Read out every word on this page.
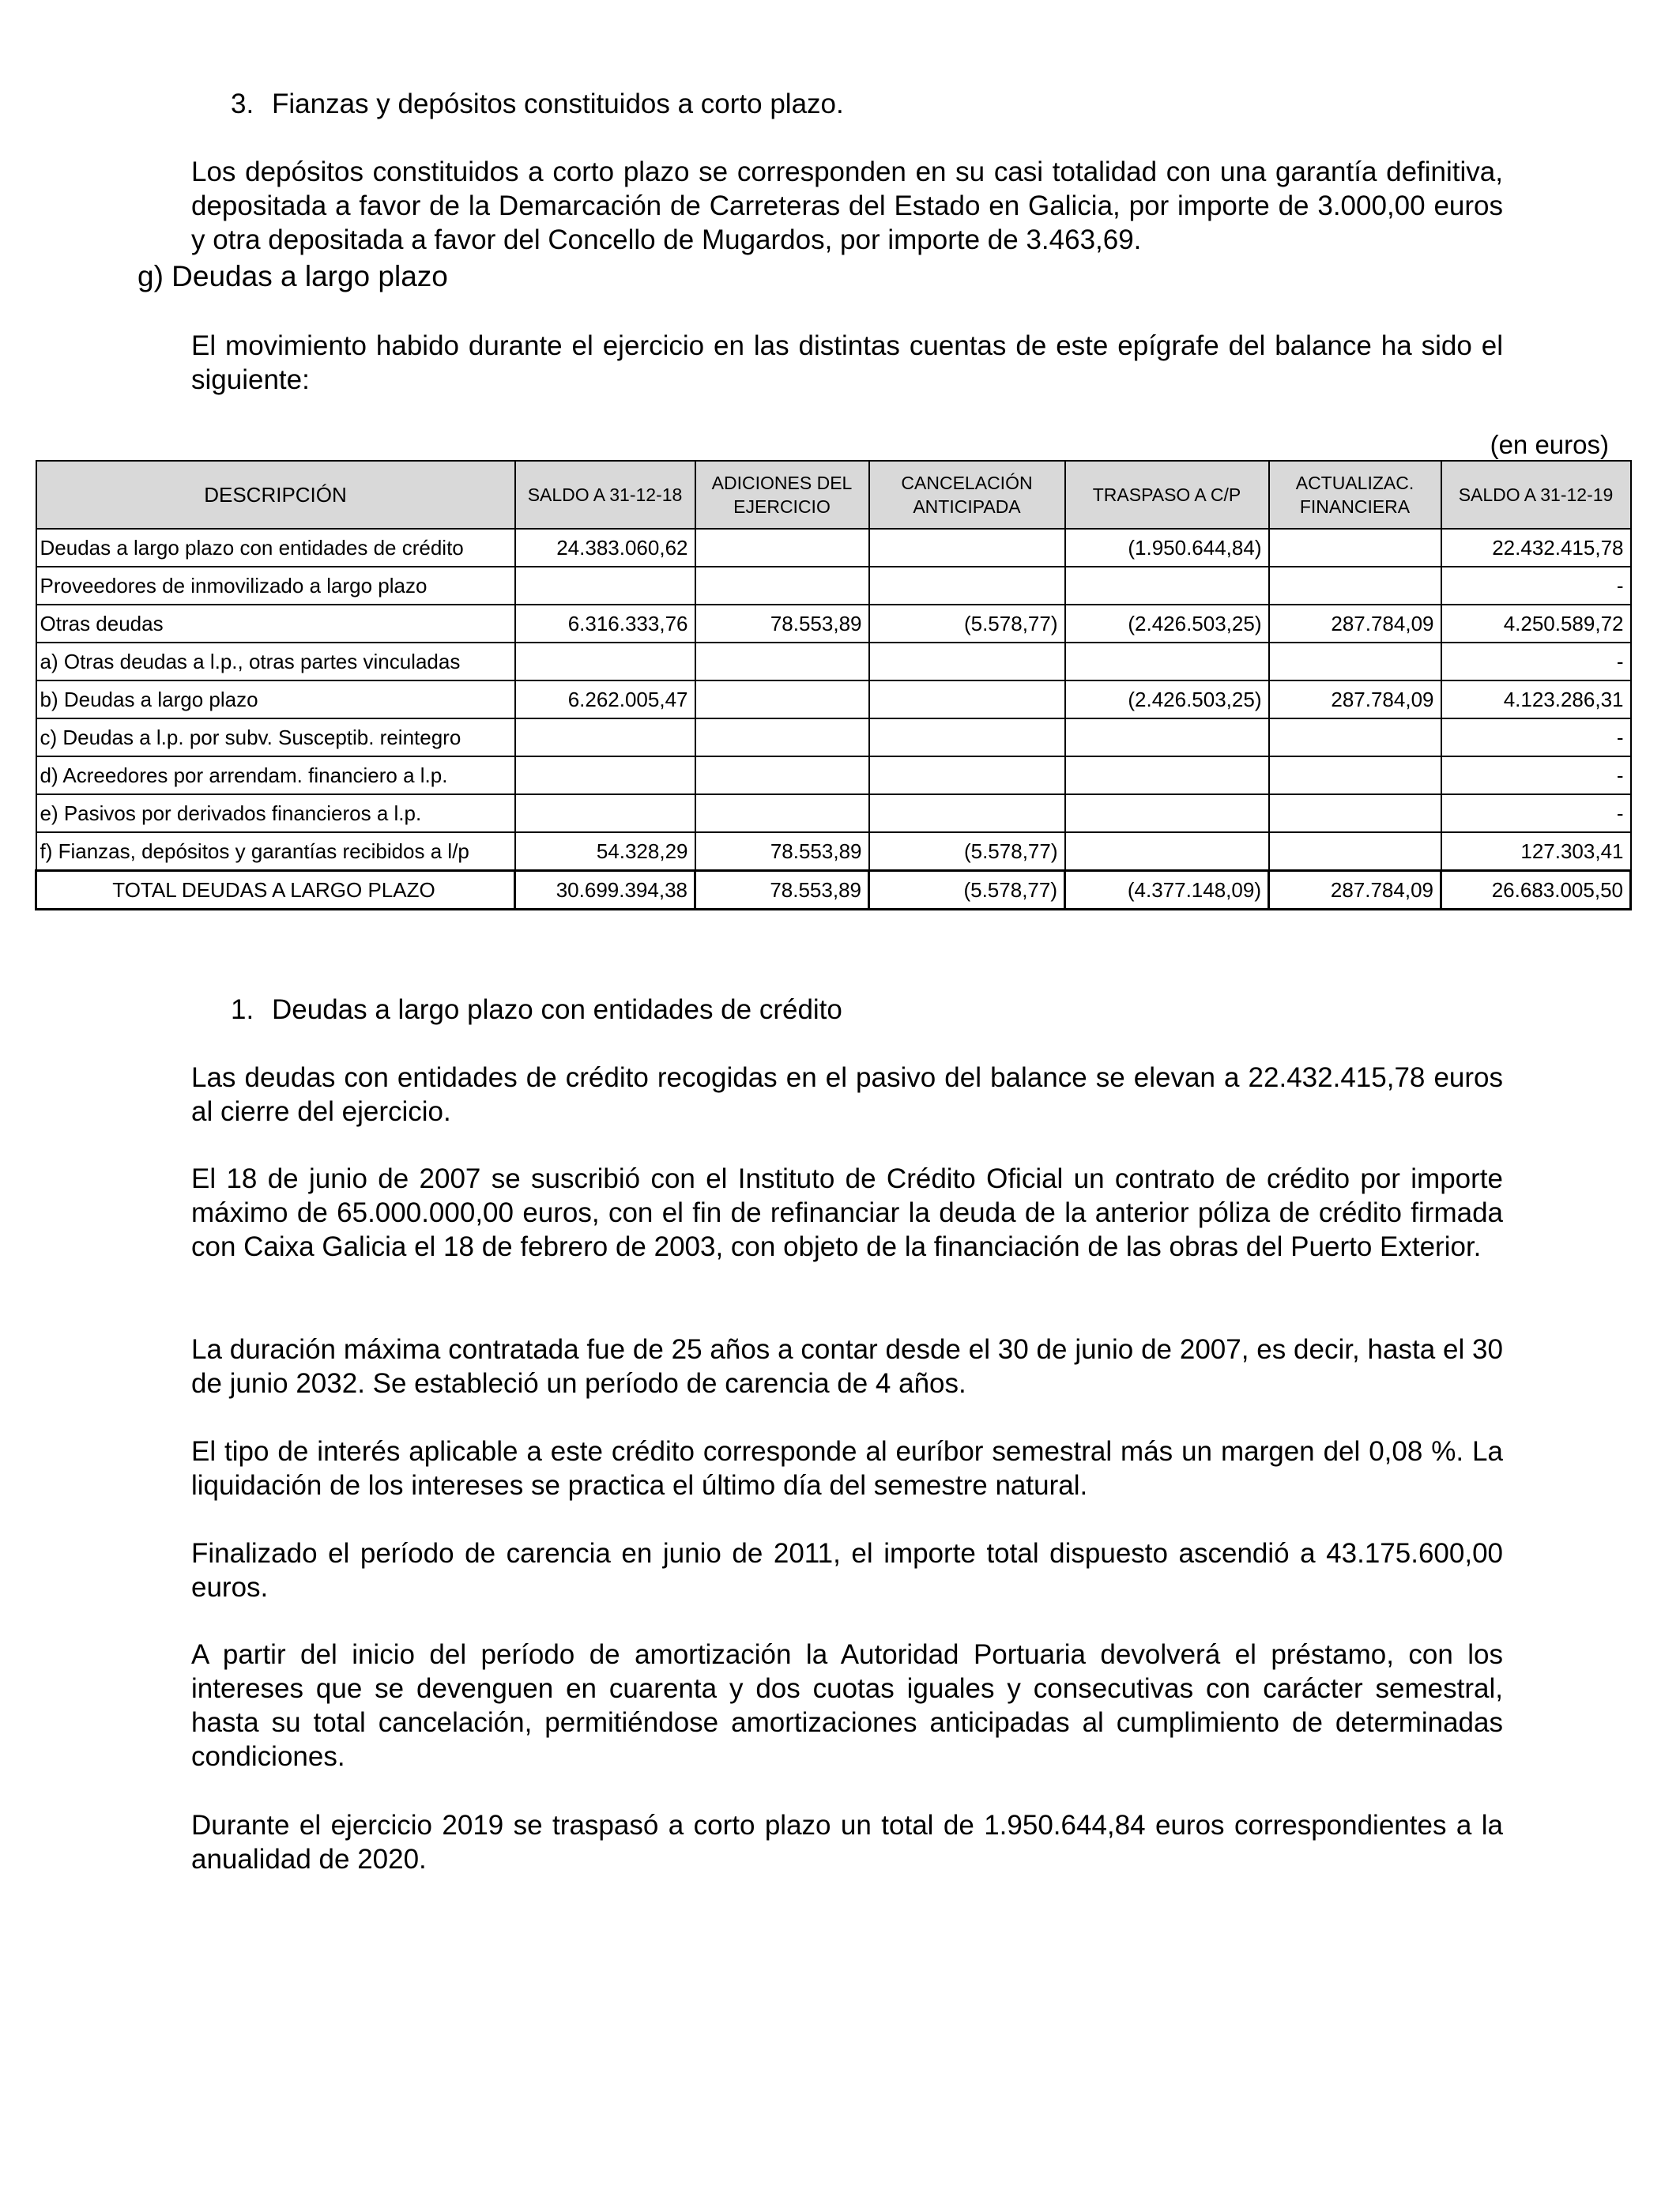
3. Fianzas y depósitos constituidos a corto plazo.

Los depósitos constituidos a corto plazo se corresponden en su casi totalidad con una garantía definitiva, depositada a favor de la Demarcación de Carreteras del Estado en Galicia, por importe de 3.000,00 euros y otra depositada a favor del Concello de Mugardos, por importe de 3.463,69.

g) Deudas a largo plazo

El movimiento habido durante el ejercicio en las distintas cuentas de este epígrafe del balance ha sido el siguiente:

(en euros)
DESCRIPCIÓN	SALDO A 31-12-18	ADICIONES DEL EJERCICIO	CANCELACIÓN ANTICIPADA	TRASPASO A C/P	ACTUALIZAC. FINANCIERA	SALDO A 31-12-19
Deudas a largo plazo con entidades de crédito	24.383.060,62			(1.950.644,84)		22.432.415,78
Proveedores de inmovilizado a largo plazo						-
Otras deudas	6.316.333,76	78.553,89	(5.578,77)	(2.426.503,25)	287.784,09	4.250.589,72
a) Otras deudas a l.p., otras partes vinculadas						-
b) Deudas a largo plazo	6.262.005,47			(2.426.503,25)	287.784,09	4.123.286,31
c) Deudas a l.p. por subv. Susceptib. reintegro						-
d) Acreedores por arrendam. financiero a l.p.						-
e) Pasivos por derivados financieros a l.p.						-
f) Fianzas, depósitos y garantías recibidos a l/p	54.328,29	78.553,89	(5.578,77)			127.303,41
TOTAL DEUDAS A LARGO PLAZO	30.699.394,38	78.553,89	(5.578,77)	(4.377.148,09)	287.784,09	26.683.005,50
1. Deudas a largo plazo con entidades de crédito

Las deudas con entidades de crédito recogidas en el pasivo del balance se elevan a 22.432.415,78 euros al cierre del ejercicio.

El 18 de junio de 2007 se suscribió con el Instituto de Crédito Oficial un contrato de crédito por importe máximo de 65.000.000,00 euros, con el fin de refinanciar la deuda de la anterior póliza de crédito firmada con Caixa Galicia el 18 de febrero de 2003, con objeto de la financiación de las obras del Puerto Exterior.

La duración máxima contratada fue de 25 años a contar desde el 30 de junio de 2007, es decir, hasta el 30 de junio 2032. Se estableció un período de carencia de 4 años.

El tipo de interés aplicable a este crédito corresponde al euríbor semestral más un margen del 0,08 %. La liquidación de los intereses se practica el último día del semestre natural.

Finalizado el período de carencia en junio de 2011, el importe total dispuesto ascendió a 43.175.600,00 euros.

A partir del inicio del período de amortización la Autoridad Portuaria devolverá el préstamo, con los intereses que se devenguen en cuarenta y dos cuotas iguales y consecutivas con carácter semestral, hasta su total cancelación, permitiéndose amortizaciones anticipadas al cumplimiento de determinadas condiciones.

Durante el ejercicio 2019 se traspasó a corto plazo un total de 1.950.644,84 euros correspondientes a la anualidad de 2020.
